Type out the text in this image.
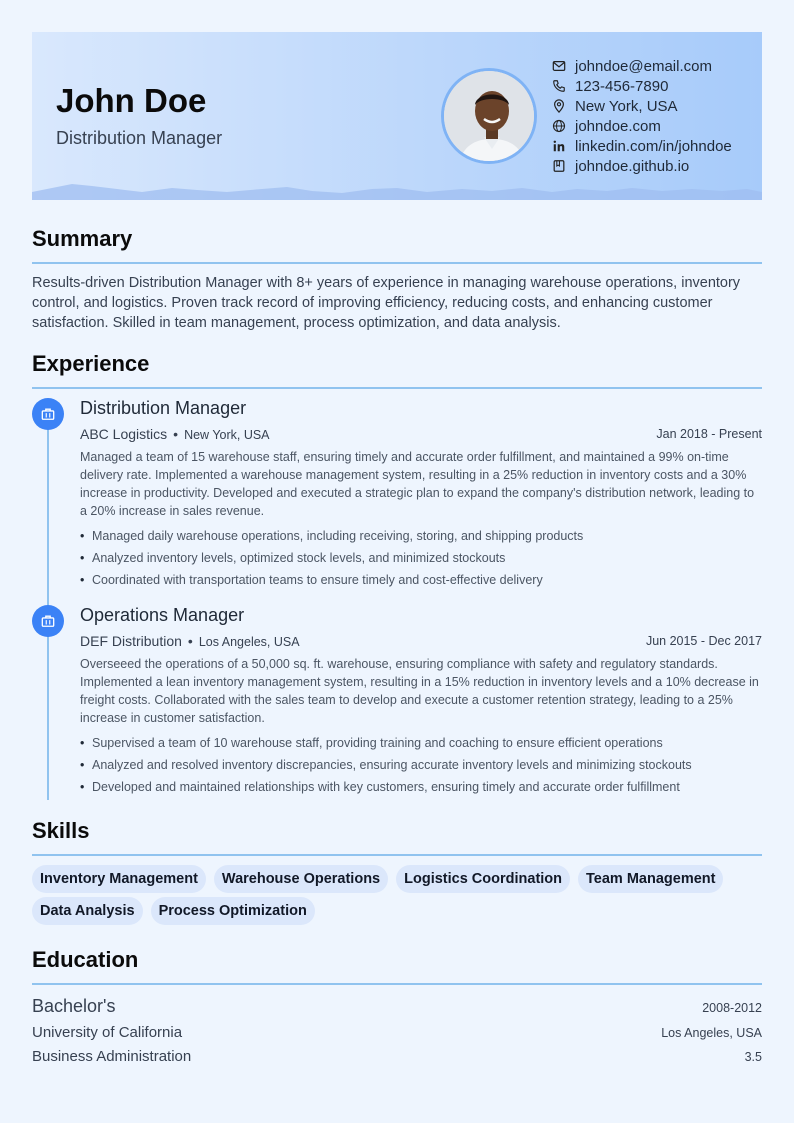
John Doe
Distribution Manager
johndoe@email.com
123-456-7890
New York, USA
johndoe.com
linkedin.com/in/johndoe
johndoe.github.io
Summary
Results-driven Distribution Manager with 8+ years of experience in managing warehouse operations, inventory control, and logistics. Proven track record of improving efficiency, reducing costs, and enhancing customer satisfaction. Skilled in team management, process optimization, and data analysis.
Experience
Distribution Manager
ABC Logistics • New York, USA	Jan 2018 - Present
Managed a team of 15 warehouse staff, ensuring timely and accurate order fulfillment, and maintained a 99% on-time delivery rate. Implemented a warehouse management system, resulting in a 25% reduction in inventory costs and a 30% increase in productivity. Developed and executed a strategic plan to expand the company's distribution network, leading to a 20% increase in sales revenue.
• Managed daily warehouse operations, including receiving, storing, and shipping products
• Analyzed inventory levels, optimized stock levels, and minimized stockouts
• Coordinated with transportation teams to ensure timely and cost-effective delivery
Operations Manager
DEF Distribution • Los Angeles, USA	Jun 2015 - Dec 2017
Overseeed the operations of a 50,000 sq. ft. warehouse, ensuring compliance with safety and regulatory standards. Implemented a lean inventory management system, resulting in a 15% reduction in inventory levels and a 10% decrease in freight costs. Collaborated with the sales team to develop and execute a customer retention strategy, leading to a 25% increase in customer satisfaction.
• Supervised a team of 10 warehouse staff, providing training and coaching to ensure efficient operations
• Analyzed and resolved inventory discrepancies, ensuring accurate inventory levels and minimizing stockouts
• Developed and maintained relationships with key customers, ensuring timely and accurate order fulfillment
Skills
Inventory Management	Warehouse Operations	Logistics Coordination	Team Management
Data Analysis	Process Optimization
Education
Bachelor's	2008-2012
University of California	Los Angeles, USA
Business Administration	3.5
